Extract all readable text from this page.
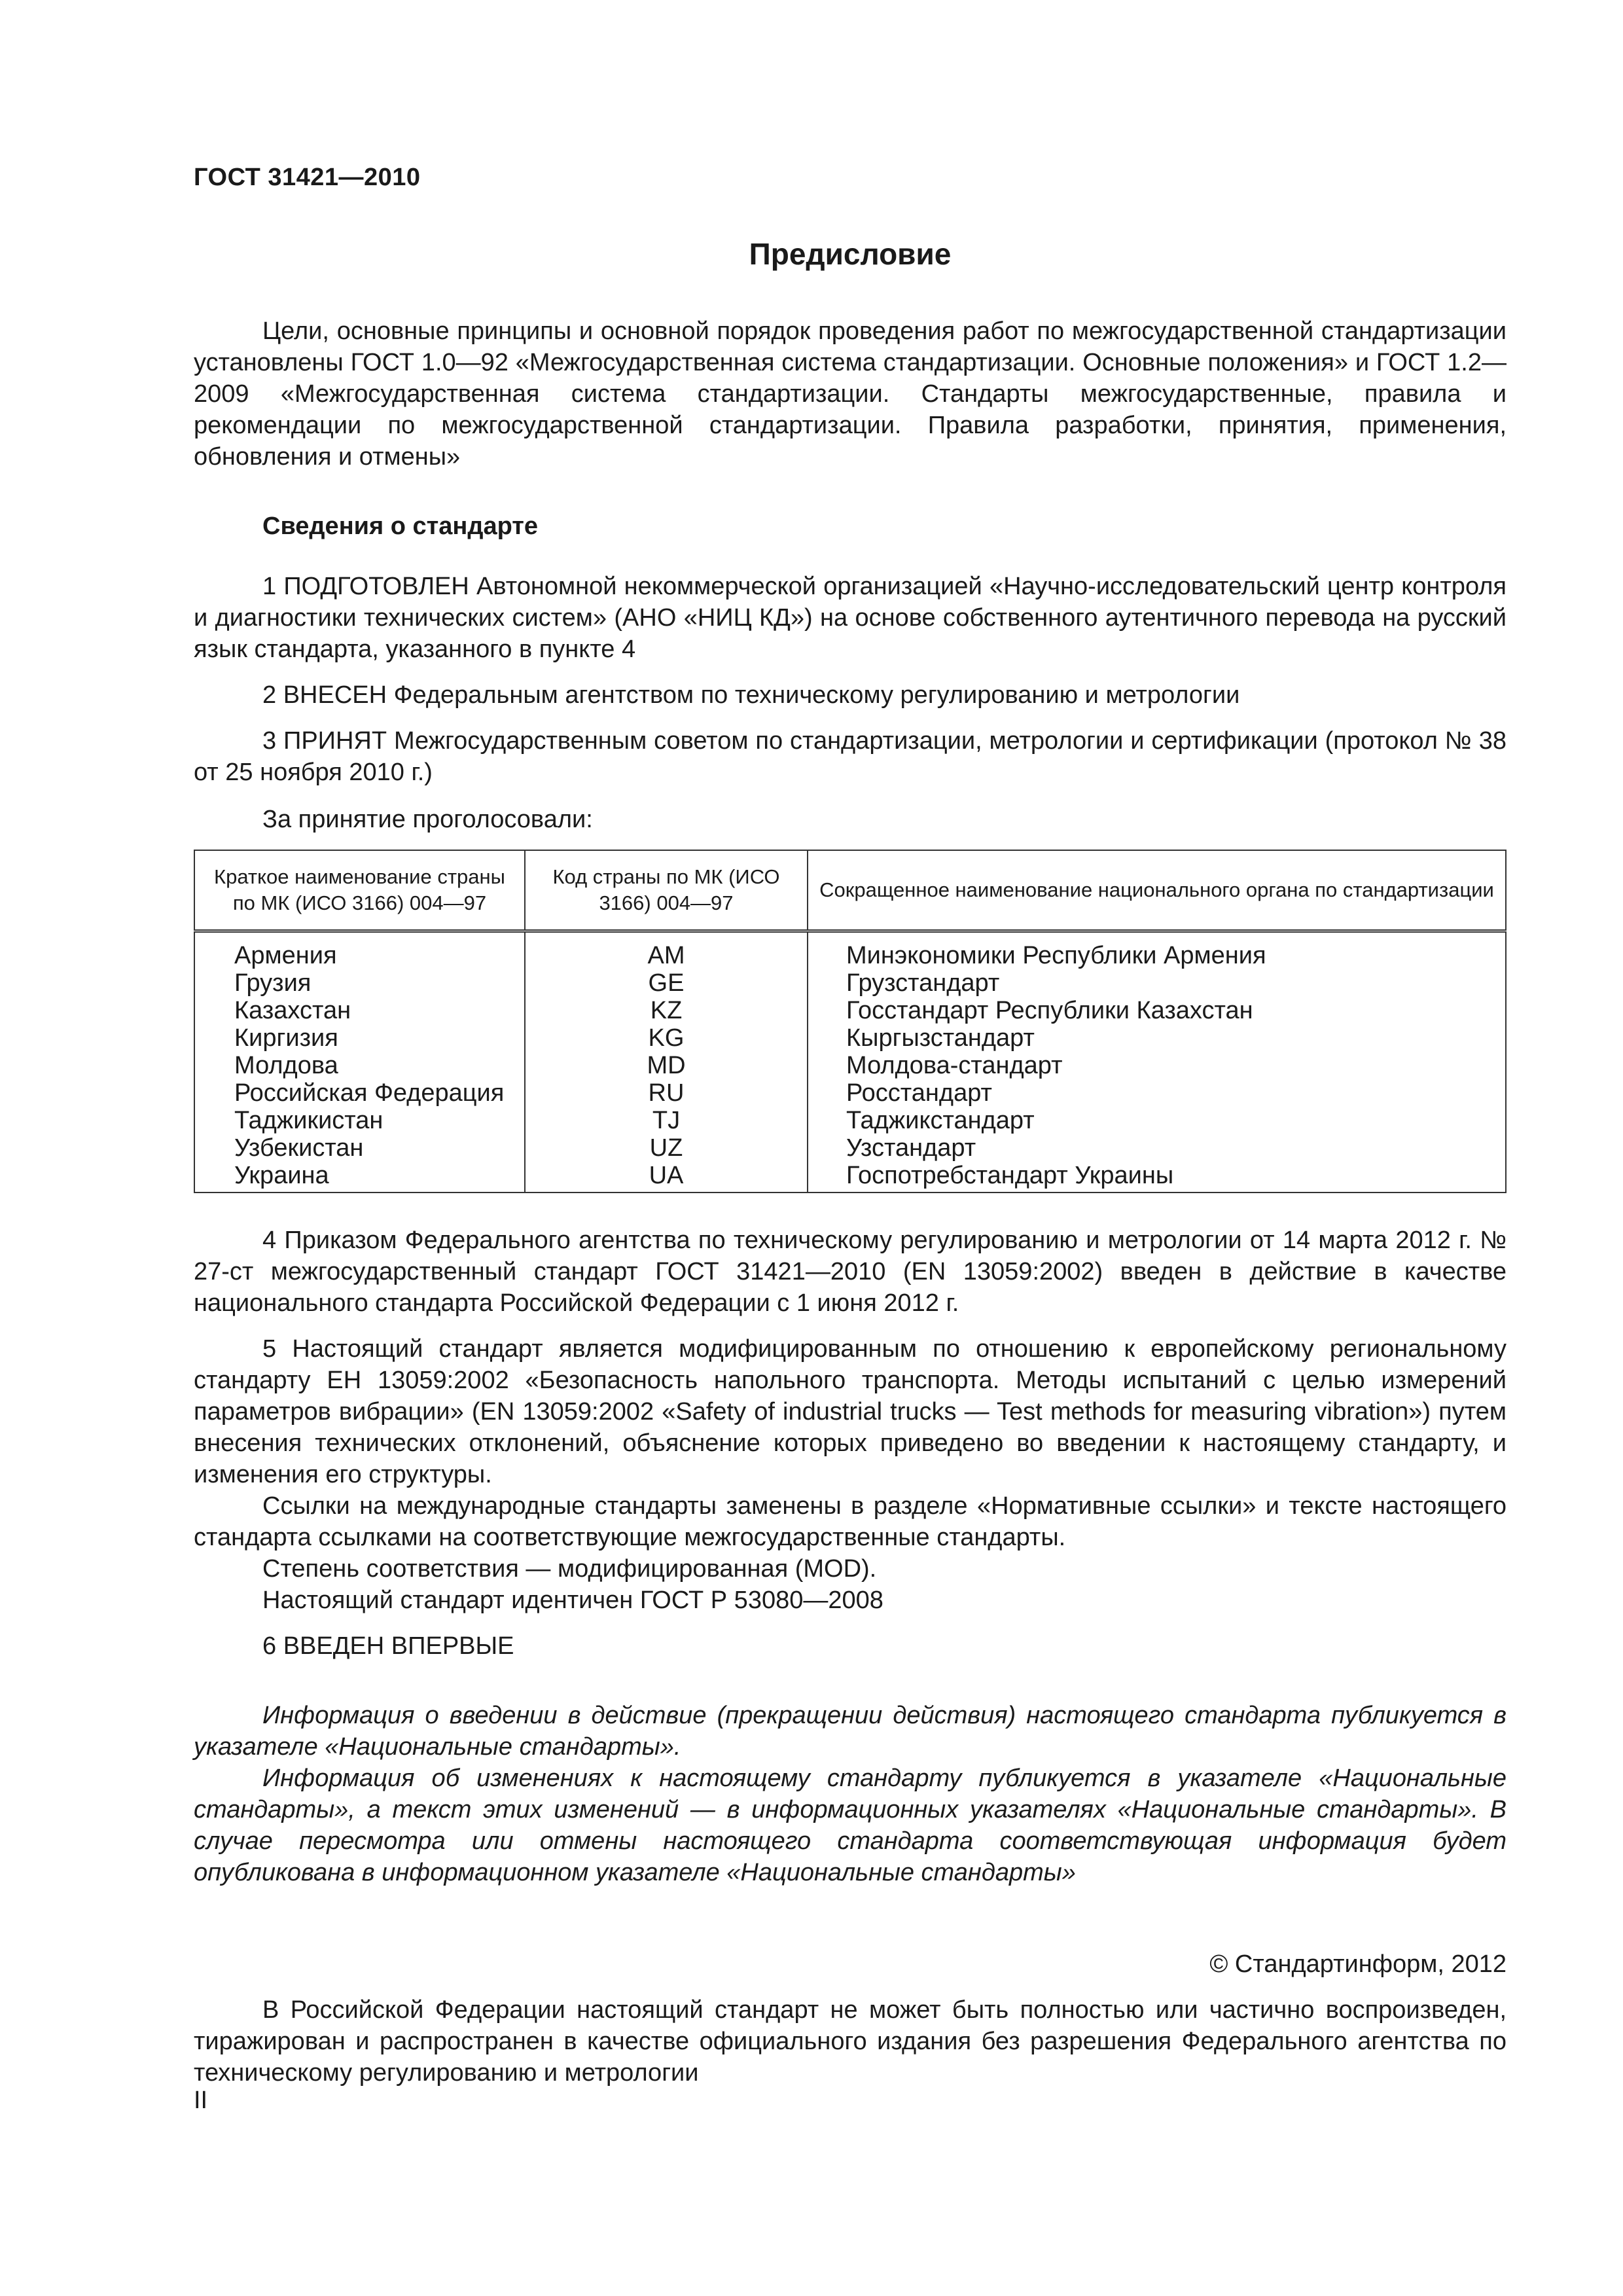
ГОСТ 31421—2010
Предисловие

Цели, основные принципы и основной порядок проведения работ по межгосударственной стандартизации установлены ГОСТ 1.0—92 «Межгосударственная система стандартизации. Основные положения» и ГОСТ 1.2—2009 «Межгосударственная система стандартизации. Стандарты межгосударственные, правила и рекомендации по межгосударственной стандартизации. Правила разработки, принятия, применения, обновления и отмены»

Сведения о стандарте

1 ПОДГОТОВЛЕН Автономной некоммерческой организацией «Научно-исследовательский центр контроля и диагностики технических систем» (АНО «НИЦ КД») на основе собственного аутентичного перевода на русский язык стандарта, указанного в пункте 4

2 ВНЕСЕН Федеральным агентством по техническому регулированию и метрологии

3 ПРИНЯТ Межгосударственным советом по стандартизации, метрологии и сертификации (протокол № 38 от 25 ноября 2010 г.)

За принятие проголосовали:
Краткое наименование страны по МК (ИСО 3166) 004—97	Код страны по МК (ИСО 3166) 004—97	Сокращенное наименование национального органа по стандартизации
Армения	AM	Минэкономики Республики Армения
Грузия	GE	Грузстандарт
Казахстан	KZ	Госстандарт Республики Казахстан
Киргизия	KG	Кыргызстандарт
Молдова	MD	Молдова-стандарт
Российская Федерация	RU	Росстандарт
Таджикистан	TJ	Таджикстандарт
Узбекистан	UZ	Узстандарт
Украина	UA	Госпотребстандарт Украины

4 Приказом Федерального агентства по техническому регулированию и метрологии от 14 марта 2012 г. № 27-ст межгосударственный стандарт ГОСТ 31421—2010 (EN 13059:2002) введен в действие в качестве национального стандарта Российской Федерации с 1 июня 2012 г.

5 Настоящий стандарт является модифицированным по отношению к европейскому региональному стандарту ЕН 13059:2002 «Безопасность напольного транспорта. Методы испытаний с целью измерений параметров вибрации» (EN 13059:2002 «Safety of industrial trucks — Test methods for measuring vibration») путем внесения технических отклонений, объяснение которых приведено во введении к настоящему стандарту, и изменения его структуры.

Ссылки на международные стандарты заменены в разделе «Нормативные ссылки» и тексте настоящего стандарта ссылками на соответствующие межгосударственные стандарты.

Степень соответствия — модифицированная (MOD).

Настоящий стандарт идентичен ГОСТ Р 53080—2008

6 ВВЕДЕН ВПЕРВЫЕ

Информация о введении в действие (прекращении действия) настоящего стандарта публикуется в указателе «Национальные стандарты».

Информация об изменениях к настоящему стандарту публикуется в указателе «Национальные стандарты», а текст этих изменений — в информационных указателях «Национальные стандарты». В случае пересмотра или отмены настоящего стандарта соответствующая информация будет опубликована в информационном указателе «Национальные стандарты»

© Стандартинформ, 2012

В Российской Федерации настоящий стандарт не может быть полностью или частично воспроизведен, тиражирован и распространен в качестве официального издания без разрешения Федерального агентства по техническому регулированию и метрологии

II
